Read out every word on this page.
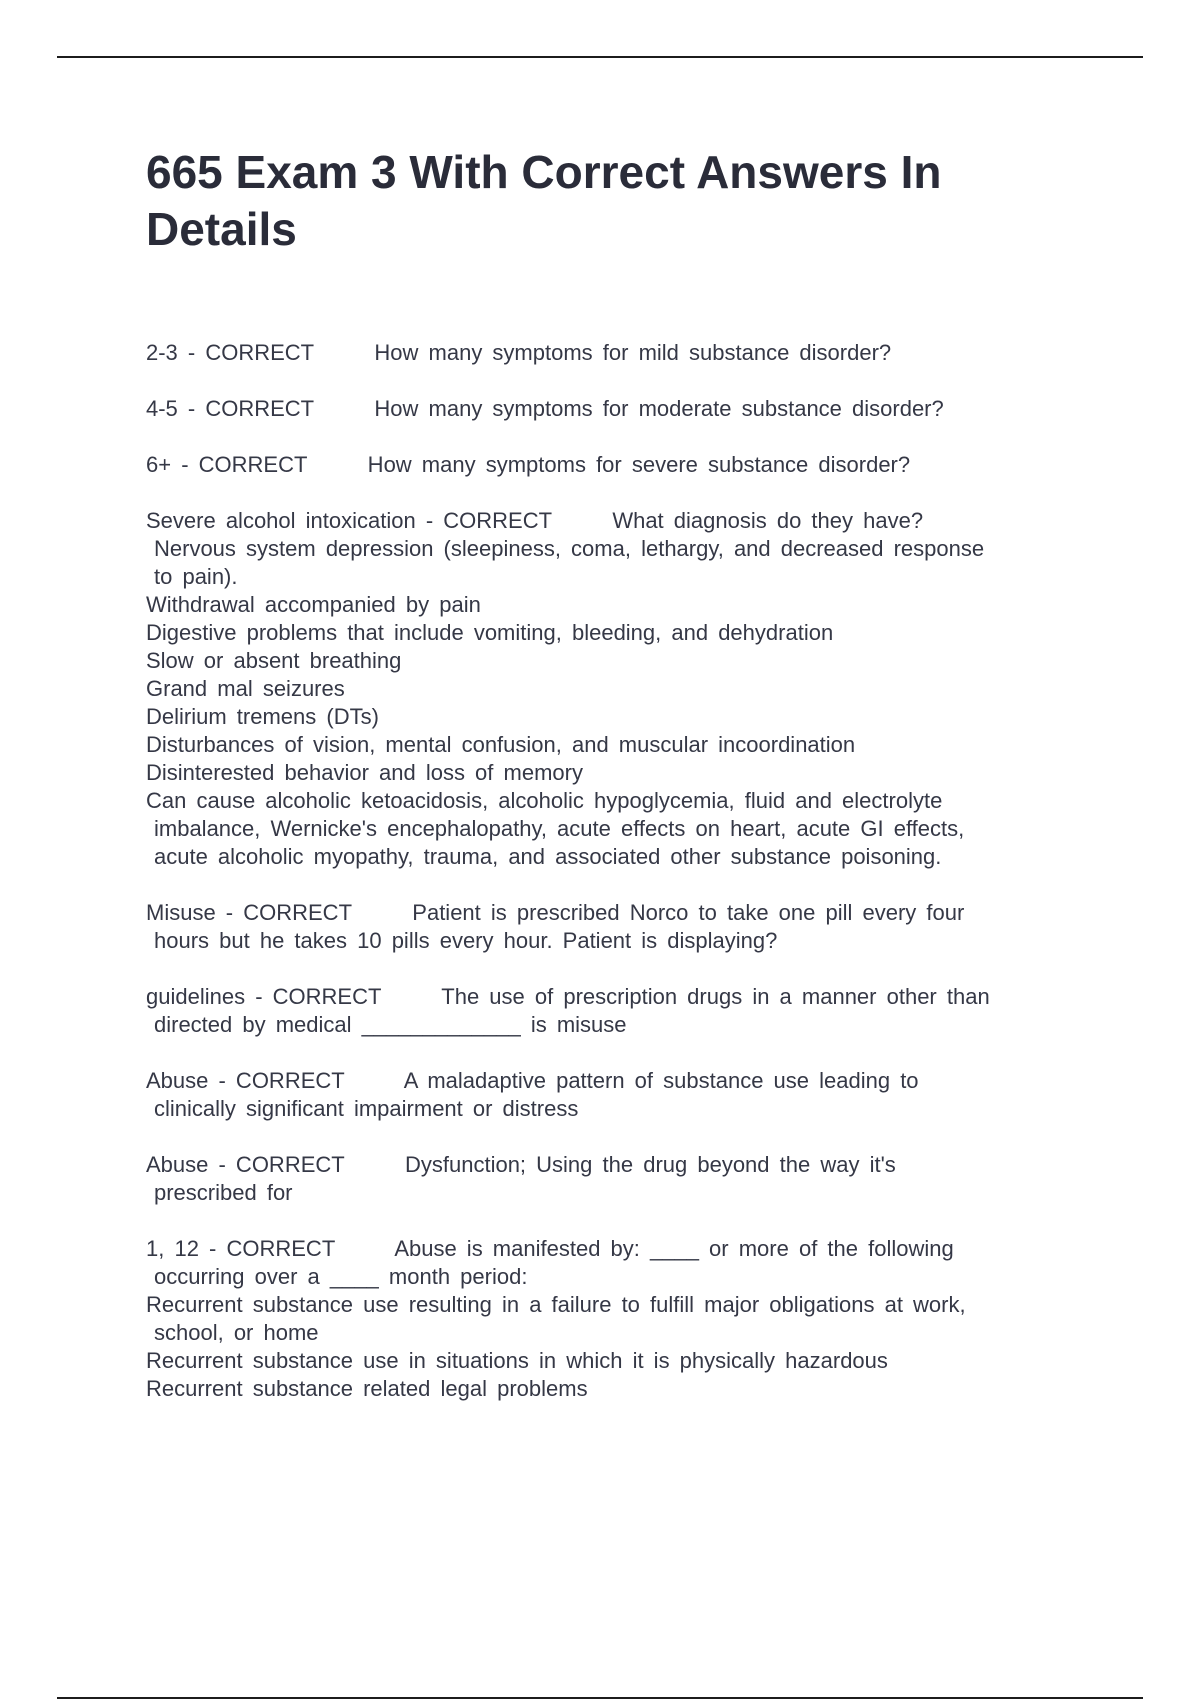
665 Exam 3 With Correct Answers In
Details
2-3 - CORRECT      How many symptoms for mild substance disorder?
4-5 - CORRECT      How many symptoms for moderate substance disorder?
6+ - CORRECT      How many symptoms for severe substance disorder?
Severe alcohol intoxication - CORRECT      What diagnosis do they have?
Nervous system depression (sleepiness, coma, lethargy, and decreased response
to pain).
Withdrawal accompanied by pain
Digestive problems that include vomiting, bleeding, and dehydration
Slow or absent breathing
Grand mal seizures
Delirium tremens (DTs)
Disturbances of vision, mental confusion, and muscular incoordination
Disinterested behavior and loss of memory
Can cause alcoholic ketoacidosis, alcoholic hypoglycemia, fluid and electrolyte
imbalance, Wernicke's encephalopathy, acute effects on heart, acute GI effects,
acute alcoholic myopathy, trauma, and associated other substance poisoning.
Misuse - CORRECT      Patient is prescribed Norco to take one pill every four
hours but he takes 10 pills every hour. Patient is displaying?
guidelines - CORRECT      The use of prescription drugs in a manner other than
directed by medical _____________ is misuse
Abuse - CORRECT      A maladaptive pattern of substance use leading to
clinically significant impairment or distress
Abuse - CORRECT      Dysfunction; Using the drug beyond the way it's
prescribed for
1, 12 - CORRECT      Abuse is manifested by: ____ or more of the following
occurring over a ____ month period:
Recurrent substance use resulting in a failure to fulfill major obligations at work,
school, or home
Recurrent substance use in situations in which it is physically hazardous
Recurrent substance related legal problems
